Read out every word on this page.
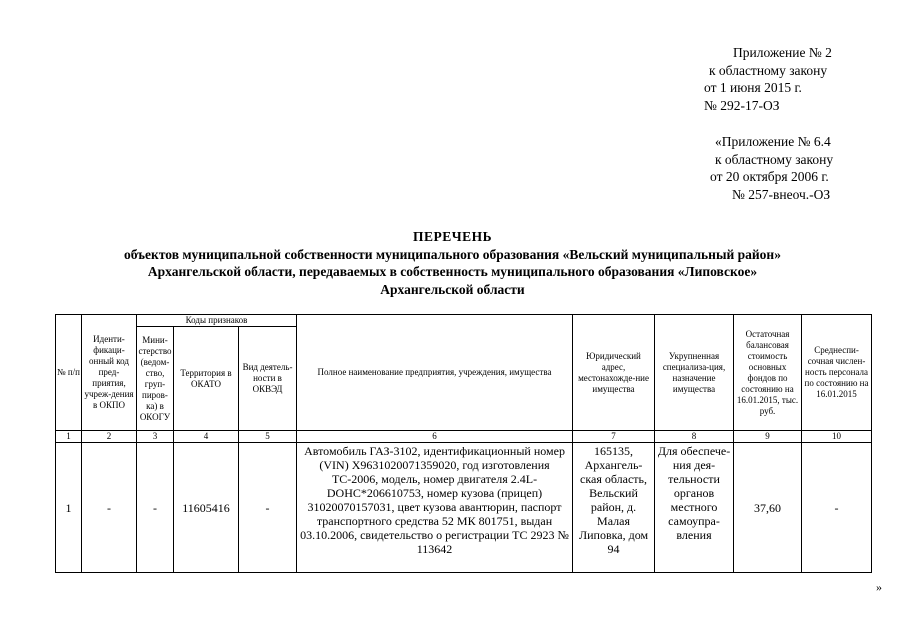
Приложение № 2
к областному закону
от 1 июня 2015 г.
№ 292-17-ОЗ
«Приложение № 6.4
к областному закону
от 20 октября 2006 г.
№ 257-внеоч.-ОЗ
ПЕРЕЧЕНЬ
объектов муниципальной собственности муниципального образования «Вельский муниципальный район»
Архангельской области, передаваемых в собственность муниципального образования «Липовское»
Архангельской области
№ п/п	Иденти-фикаци-онный код пред-приятия, учреж-дения в ОКПО	Коды признаков			Полное наименование предприятия, учреждения, имущества	Юридический адрес, местонахожде-ние имущества	Укрупненная специализа-ция, назначение имущества	Остаточная балансовая стоимость основных фондов по состоянию на 16.01.2015, тыс. руб.	Среднеспи-сочная числен-ность персонала по состоянию на 16.01.2015
		Мини-стерство (ведом-ство, груп-пиров-ка) в ОКОГУ	Территория в ОКАТО	Вид деятель-ности в ОКВЭД					
1	2	3	4	5	6	7	8	9	10
1	-	-	11605416	-	Автомобиль ГАЗ-3102, идентификационный номер (VIN) Х9631020071359020, год изготовления ТС-2006, модель, номер двигателя 2.4L-DOHC*206610753, номер кузова (прицеп) 31020070157031, цвет кузова авантюрин, паспорт транспортного средства 52 МК 801751, выдан 03.10.2006, свидетельство о регистрации ТС 2923 № 113642	165135, Архангель-ская область, Вельский район, д. Малая Липовка, дом 94	Для обеспече-ния дея-тельности органов местного самоупра-вления	37,60	-
»
